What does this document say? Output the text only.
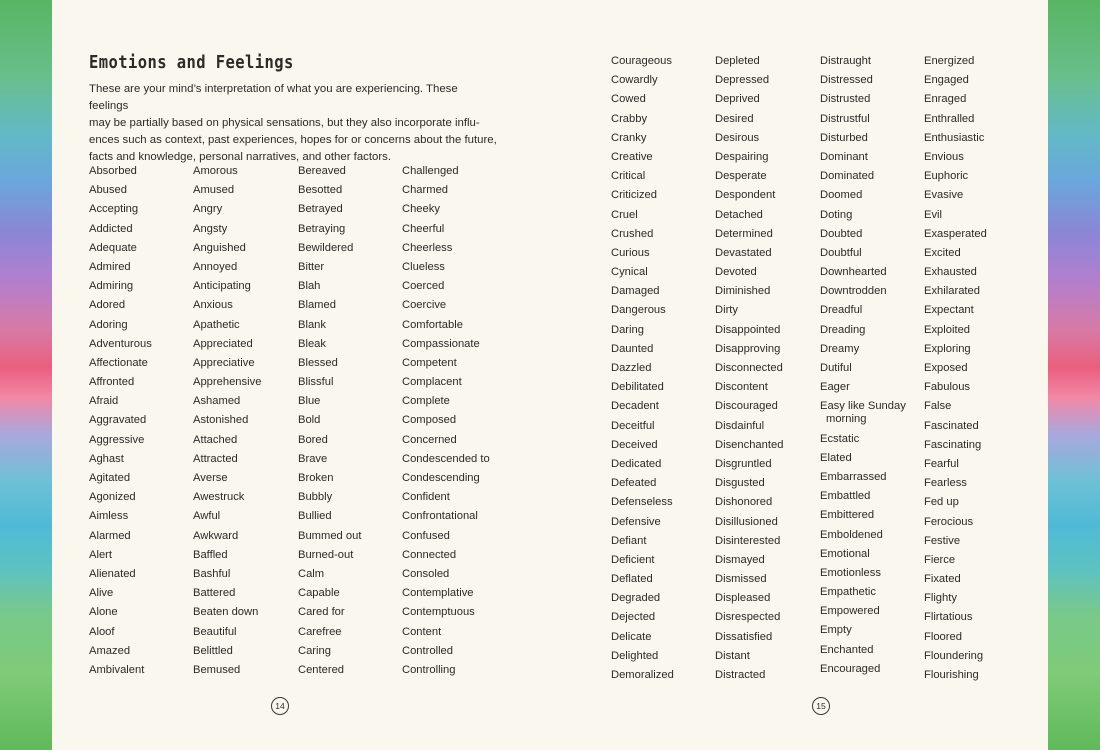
Emotions and Feelings
These are your mind’s interpretation of what you are experiencing. These feelings
may be partially based on physical sensations, but they also incorporate influ-
ences such as context, past experiences, hopes for or concerns about the future,
facts and knowledge, personal narratives, and other factors.
Absorbed
Abused
Accepting
Addicted
Adequate
Admired
Admiring
Adored
Adoring
Adventurous
Affectionate
Affronted
Afraid
Aggravated
Aggressive
Aghast
Agitated
Agonized
Aimless
Alarmed
Alert
Alienated
Alive
Alone
Aloof
Amazed
Ambivalent
Amorous
Amused
Angry
Angsty
Anguished
Annoyed
Anticipating
Anxious
Apathetic
Appreciated
Appreciative
Apprehensive
Ashamed
Astonished
Attached
Attracted
Averse
Awestruck
Awful
Awkward
Baffled
Bashful
Battered
Beaten down
Beautiful
Belittled
Bemused
Bereaved
Besotted
Betrayed
Betraying
Bewildered
Bitter
Blah
Blamed
Blank
Bleak
Blessed
Blissful
Blue
Bold
Bored
Brave
Broken
Bubbly
Bullied
Bummed out
Burned-out
Calm
Capable
Cared for
Carefree
Caring
Centered
Challenged
Charmed
Cheeky
Cheerful
Cheerless
Clueless
Coerced
Coercive
Comfortable
Compassionate
Competent
Complacent
Complete
Composed
Concerned
Condescended to
Condescending
Confident
Confrontational
Confused
Connected
Consoled
Contemplative
Contemptuous
Content
Controlled
Controlling
14
Courageous
Cowardly
Cowed
Crabby
Cranky
Creative
Critical
Criticized
Cruel
Crushed
Curious
Cynical
Damaged
Dangerous
Daring
Daunted
Dazzled
Debilitated
Decadent
Deceitful
Deceived
Dedicated
Defeated
Defenseless
Defensive
Defiant
Deficient
Deflated
Degraded
Dejected
Delicate
Delighted
Demoralized
Depleted
Depressed
Deprived
Desired
Desirous
Despairing
Desperate
Despondent
Detached
Determined
Devastated
Devoted
Diminished
Dirty
Disappointed
Disapproving
Disconnected
Discontent
Discouraged
Disdainful
Disenchanted
Disgruntled
Disgusted
Dishonored
Disillusioned
Disinterested
Dismayed
Dismissed
Displeased
Disrespected
Dissatisfied
Distant
Distracted
Distraught
Distressed
Distrusted
Distrustful
Disturbed
Dominant
Dominated
Doomed
Doting
Doubted
Doubtful
Downhearted
Downtrodden
Dreadful
Dreading
Dreamy
Dutiful
Eager
Easy like Sunday
morning
Ecstatic
Elated
Embarrassed
Embattled
Embittered
Emboldened
Emotional
Emotionless
Empathetic
Empowered
Empty
Enchanted
Encouraged
Energized
Engaged
Enraged
Enthralled
Enthusiastic
Envious
Euphoric
Evasive
Evil
Exasperated
Excited
Exhausted
Exhilarated
Expectant
Exploited
Exploring
Exposed
Fabulous
False
Fascinated
Fascinating
Fearful
Fearless
Fed up
Ferocious
Festive
Fierce
Fixated
Flighty
Flirtatious
Floored
Floundering
Flourishing
15
